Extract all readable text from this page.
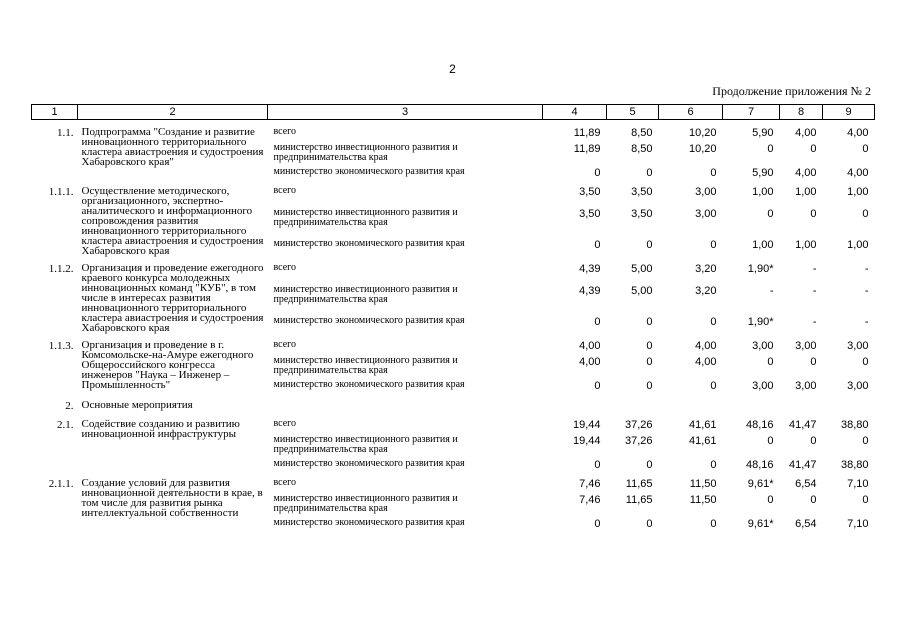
2
Продолжение приложения № 2
1	2	3	4	5	6	7	8	9
1.1.	Подпрограмма "Создание и развитие инновационного территориального кластера авиастроения и судостроения Хабаровского края"	всего	11,89	8,50	10,20	5,90	4,00	4,00
		министерство инвестиционного развития и предпринимательства края	11,89	8,50	10,20	0	0	0
		министерство экономического развития края	0	0	0	5,90	4,00	4,00
1.1.1.	Осуществление методического, организационного, экспертно-аналитического и информационного сопровождения развития инновационного территориального кластера авиастроения и судостроения Хабаровского края	всего	3,50	3,50	3,00	1,00	1,00	1,00
		министерство инвестиционного развития и предпринимательства края	3,50	3,50	3,00	0	0	0
		министерство экономического развития края	0	0	0	1,00	1,00	1,00
1.1.2.	Организация и проведение ежегодного краевого конкурса молодежных инновационных команд "КУБ", в том числе в интересах развития инновационного территориального кластера авиастроения и судостроения Хабаровского края	всего	4,39	5,00	3,20	1,90*	-	-
		министерство инвестиционного развития и предпринимательства края	4,39	5,00	3,20	-	-	-
		министерство экономического развития края	0	0	0	1,90*	-	-
1.1.3.	Организация и проведение в г. Комсомольске-на-Амуре ежегодного Общероссийского конгресса инженеров "Наука – Инженер – Промышленность"	всего	4,00	0	4,00	3,00	3,00	3,00
		министерство инвестиционного развития и предпринимательства края	4,00	0	4,00	0	0	0
		министерство экономического развития края	0	0	0	3,00	3,00	3,00
2.	Основные мероприятия							
2.1.	Содействие созданию и развитию инновационной инфраструктуры	всего	19,44	37,26	41,61	48,16	41,47	38,80
		министерство инвестиционного развития и предпринимательства края	19,44	37,26	41,61	0	0	0
		министерство экономического развития края	0	0	0	48,16	41,47	38,80
2.1.1.	Создание условий для развития инновационной деятельности в крае, в том числе для развития рынка интеллектуальной собственности	всего	7,46	11,65	11,50	9,61*	6,54	7,10
		министерство инвестиционного развития и предпринимательства края	7,46	11,65	11,50	0	0	0
		министерство экономического развития края	0	0	0	9,61*	6,54	7,10
